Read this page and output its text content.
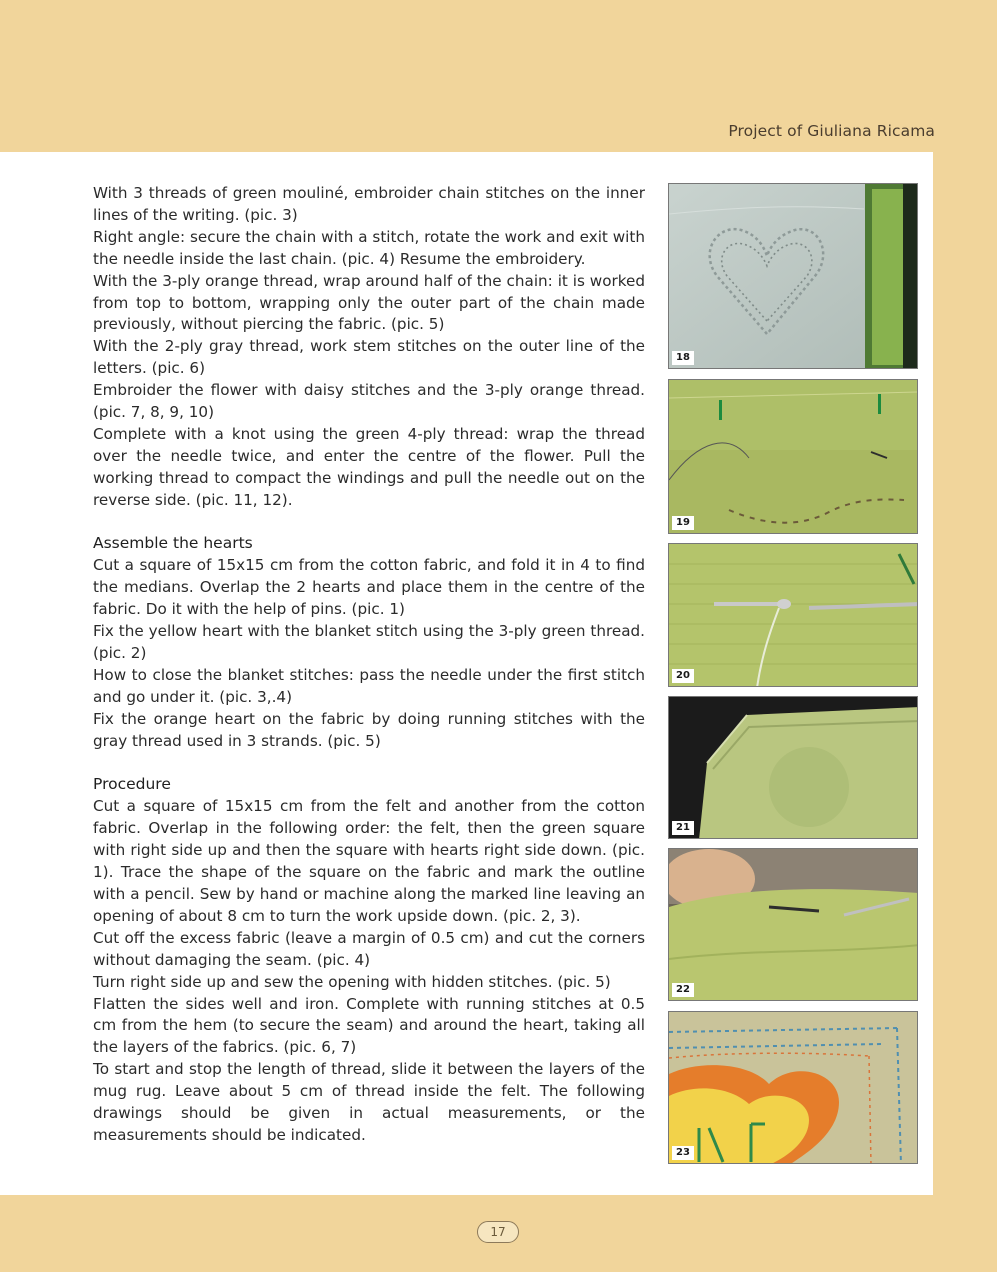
Project of Giuliana Ricama

With 3 threads of green mouliné, embroider chain stitches on the inner lines of the writing. (pic. 3)

Right angle: secure the chain with a stitch, rotate the work and exit with the needle inside the last chain. (pic. 4) Resume the embroidery.

With the 3-ply orange thread, wrap around half of the chain: it is worked from top to bottom, wrapping only the outer part of the chain made previously, without piercing the fabric. (pic. 5)

With the 2-ply gray thread, work stem stitches on the outer line of the letters. (pic. 6)

Embroider the flower with daisy stitches and the 3-ply orange thread. (pic. 7, 8, 9, 10)

Complete with a knot using the green 4-ply thread: wrap the thread over the needle twice, and enter the centre of the flower. Pull the working thread to compact the windings and pull the needle out on the reverse side. (pic. 11, 12).

Assemble the hearts

Cut a square of 15x15 cm from the cotton fabric, and fold it in 4 to find the medians. Overlap the 2 hearts and place them in the centre of the fabric. Do it with the help of pins. (pic. 1)

Fix the yellow heart with the blanket stitch using the 3-ply green thread. (pic. 2)

How to close the blanket stitches: pass the needle under the first stitch and go under it. (pic. 3,.4)

Fix the orange heart on the fabric by doing running stitches with the gray thread used in 3 strands. (pic. 5)

Procedure

Cut a square of 15x15 cm from the felt and another from the cotton fabric. Overlap in the following order: the felt, then the green square with right side up and then the square with hearts right side down. (pic. 1). Trace the shape of the square on the fabric and mark the outline with a pencil. Sew by hand or machine along the marked line leaving an opening of about 8 cm to turn the work upside down. (pic. 2, 3).

Cut off the excess fabric (leave a margin of 0.5 cm) and cut the corners without damaging the seam. (pic. 4)

Turn right side up and sew the opening with hidden stitches. (pic. 5)

Flatten the sides well and iron. Complete with running stitches at 0.5 cm from the hem (to secure the seam) and around the heart, taking all the layers of the fabrics. (pic. 6, 7)

To start and stop the length of thread, slide it between the layers of the mug rug. Leave about 5 cm of thread inside the felt. The following drawings should be given in actual measurements, or the measurements should be indicated.

18
19
20
21
22
23
17
